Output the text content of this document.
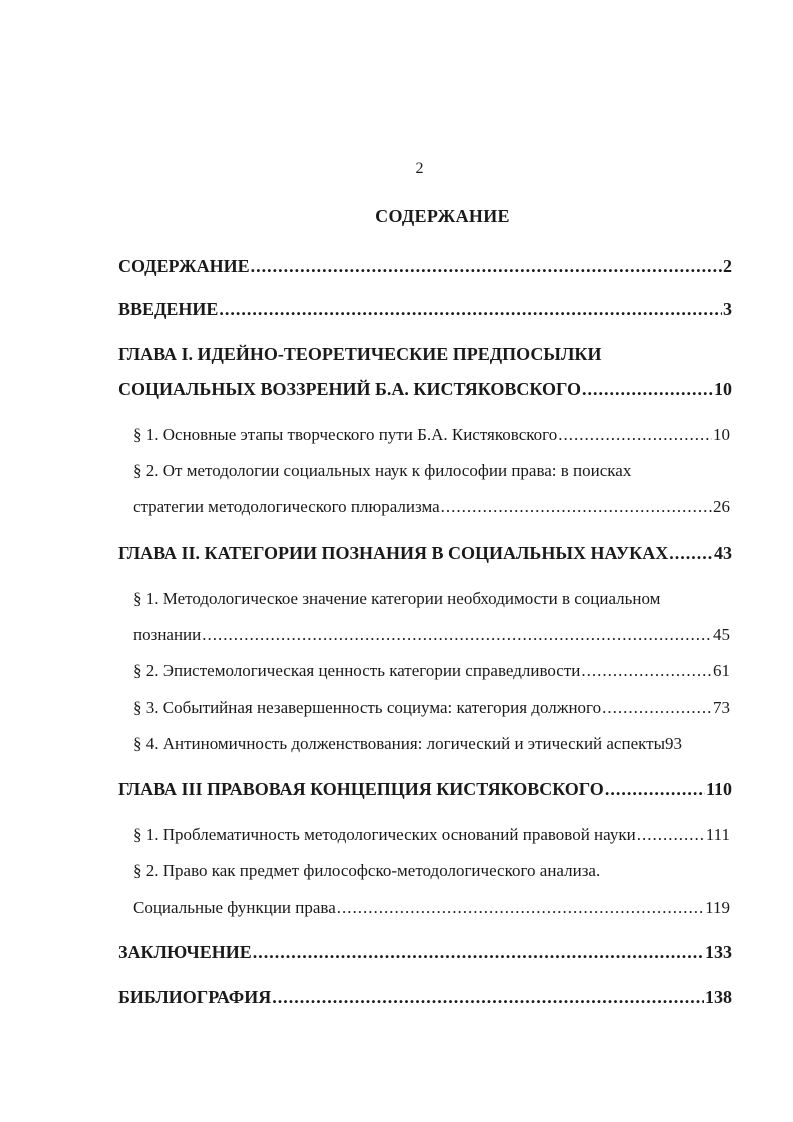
2
СОДЕРЖАНИЕ
СОДЕРЖАНИЕ .....	2
ВВЕДЕНИЕ .....	3
ГЛАВА I. ИДЕЙНО-ТЕОРЕТИЧЕСКИЕ ПРЕДПОСЫЛКИ
СОЦИАЛЬНЫХ ВОЗЗРЕНИЙ Б.А. КИСТЯКОВСКОГО .....	10
§ 1. Основные этапы творческого пути Б.А. Кистяковского .....	10
§ 2. От методологии социальных наук к философии права: в поисках
стратегии методологического плюрализма .....	26
ГЛАВА II. КАТЕГОРИИ ПОЗНАНИЯ В СОЦИАЛЬНЫХ НАУКАХ .....	43
§ 1. Методологическое значение категории необходимости в социальном
познании .....	45
§ 2. Эпистемологическая ценность категории справедливости .....	61
§ 3. Событийная незавершенность социума: категория должного .....	73
§ 4. Антиномичность долженствования: логический и этический аспекты93
ГЛАВА III ПРАВОВАЯ КОНЦЕПЦИЯ КИСТЯКОВСКОГО .....	110
§ 1. Проблематичность методологических оснований правовой науки .....	111
§ 2. Право как предмет философско-методологического анализа.
Социальные функции права .....	119
ЗАКЛЮЧЕНИЕ .....	133
БИБЛИОГРАФИЯ .....	138
